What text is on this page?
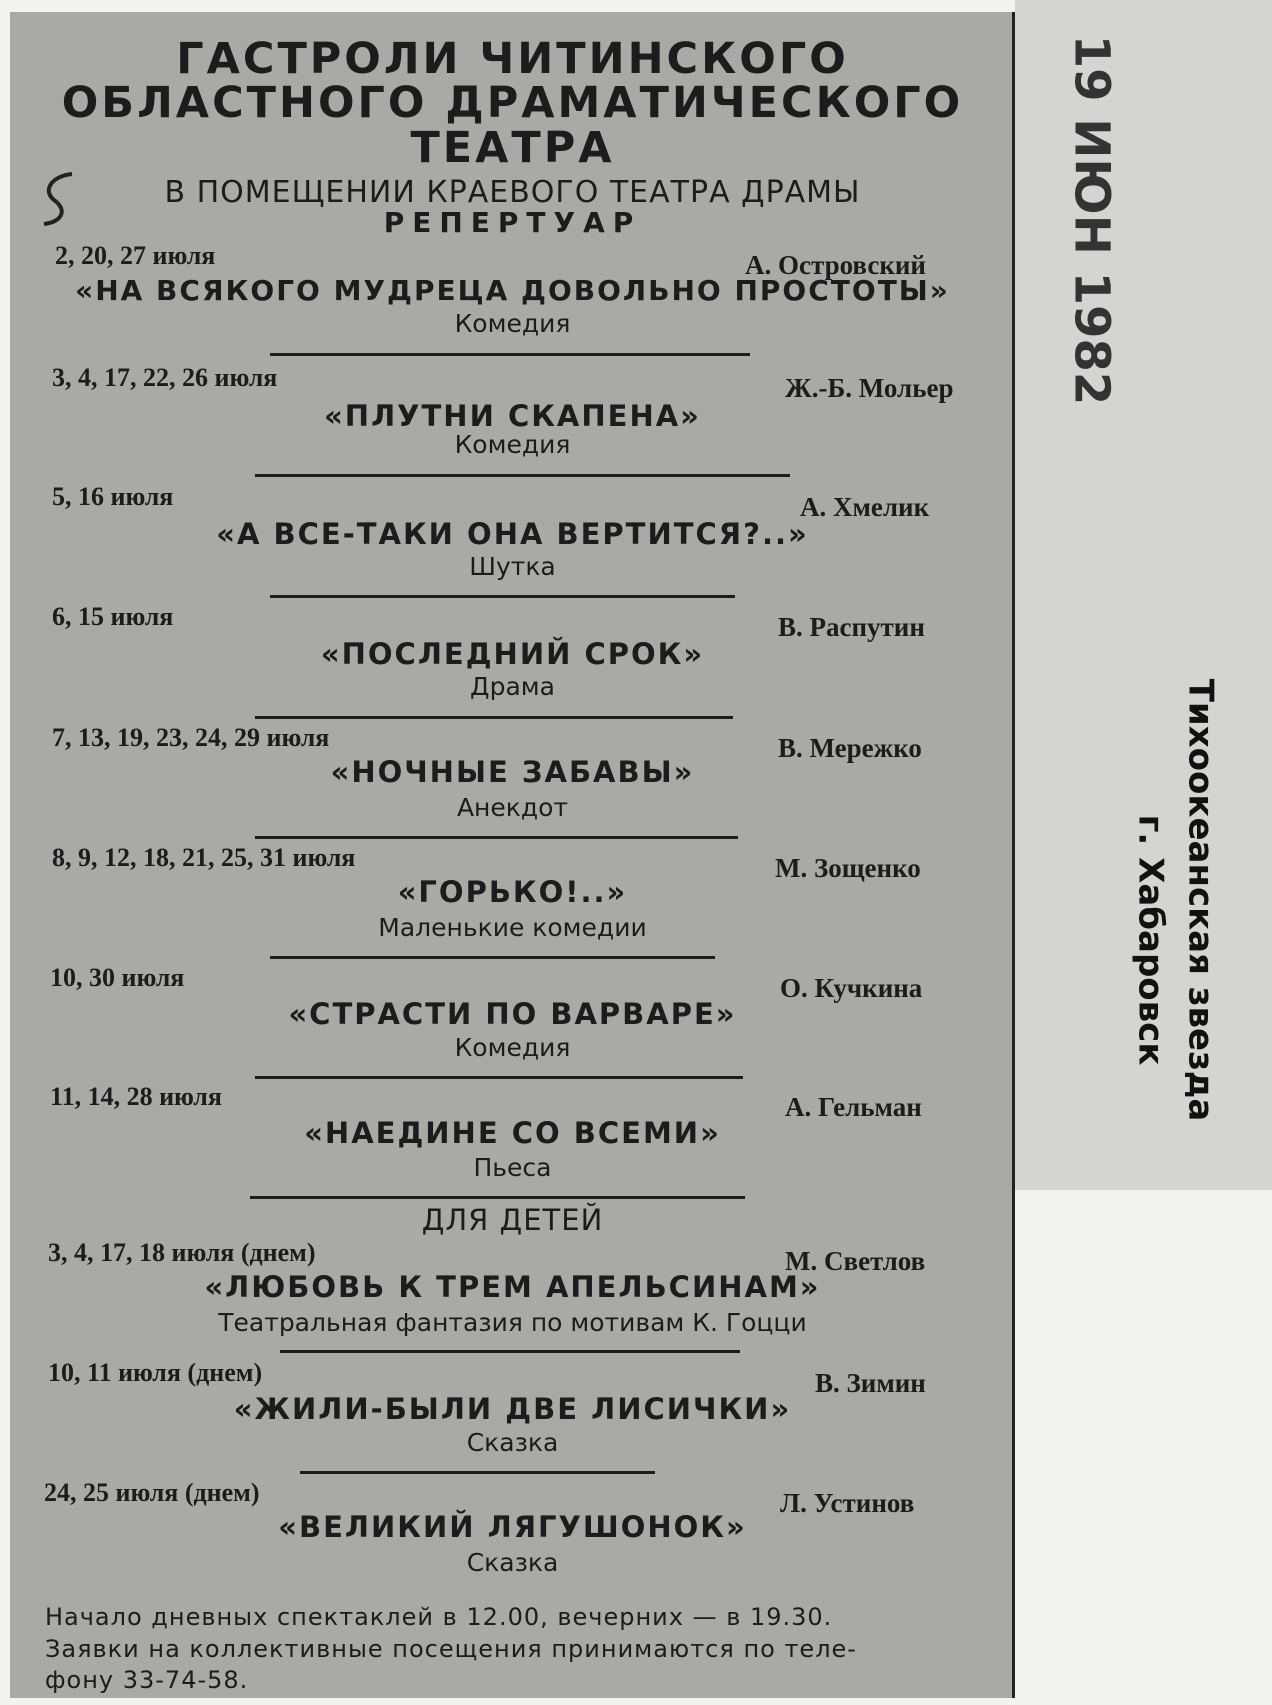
ГАСТРОЛИ ЧИТИНСКОГО
ОБЛАСТНОГО ДРАМАТИЧЕСКОГО
ТЕАТРА
В ПОМЕЩЕНИИ КРАЕВОГО ТЕАТРА ДРАМЫ
РЕПЕРТУАР
2, 20, 27 июля	А. Островский
«НА ВСЯКОГО МУДРЕЦА ДОВОЛЬНО ПРОСТОТЫ»
Комедия
3, 4, 17, 22, 26 июля	Ж.-Б. Мольер
«ПЛУТНИ СКАПЕНА»
Комедия
5, 16 июля	А. Хмелик
«А ВСЕ-ТАКИ ОНА ВЕРТИТСЯ?..»
Шутка
6, 15 июля	В. Распутин
«ПОСЛЕДНИЙ СРОК»
Драма
7, 13, 19, 23, 24, 29 июля	В. Мережко
«НОЧНЫЕ ЗАБАВЫ»
Анекдот
8, 9, 12, 18, 21, 25, 31 июля	М. Зощенко
«ГОРЬКО!..»
Маленькие комедии
10, 30 июля	О. Кучкина
«СТРАСТИ ПО ВАРВАРЕ»
Комедия
11, 14, 28 июля	А. Гельман
«НАЕДИНЕ СО ВСЕМИ»
Пьеса
ДЛЯ ДЕТЕЙ
3, 4, 17, 18 июля (днем)	М. Светлов
«ЛЮБОВЬ К ТРЕМ АПЕЛЬСИНАМ»
Театральная фантазия по мотивам К. Гоцци
10, 11 июля (днем)	В. Зимин
«ЖИЛИ-БЫЛИ ДВЕ ЛИСИЧКИ»
Сказка
24, 25 июля (днем)	Л. Устинов
«ВЕЛИКИЙ ЛЯГУШОНОК»
Сказка
Начало дневных спектаклей в 12.00, вечерних — в 19.30.
Заявки на коллективные посещения принимаются по теле-
фону 33-74-58.
19 ИЮН 1982
Тихоокеанская звезда
г. Хабаровск
